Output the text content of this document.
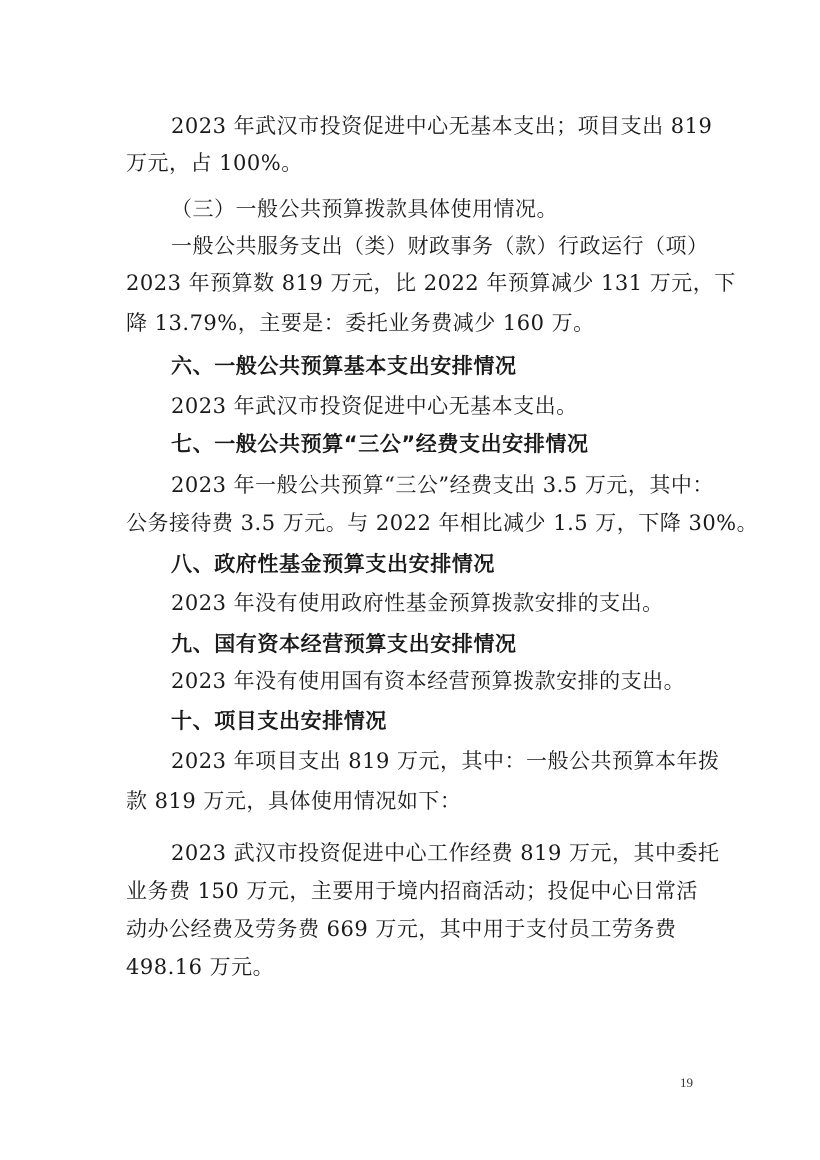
2023 年武汉市投资促进中心无基本支出；项目支出 819
万元，占 100%。
（三）一般公共预算拨款具体使用情况。
一般公共服务支出（类）财政事务（款）行政运行（项）
2023 年预算数 819 万元，比 2022 年预算减少 131 万元，下
降 13.79%，主要是：委托业务费减少 160 万。
六、一般公共预算基本支出安排情况
2023 年武汉市投资促进中心无基本支出。
七、一般公共预算“三公”经费支出安排情况
2023 年一般公共预算“三公”经费支出 3.5 万元，其中：
公务接待费 3.5 万元。与 2022 年相比减少 1.5 万，下降 30%。
八、政府性基金预算支出安排情况
2023 年没有使用政府性基金预算拨款安排的支出。
九、国有资本经营预算支出安排情况
2023 年没有使用国有资本经营预算拨款安排的支出。
十、项目支出安排情况
2023 年项目支出 819 万元，其中：一般公共预算本年拨
款 819 万元，具体使用情况如下：
2023 武汉市投资促进中心工作经费 819 万元，其中委托
业务费 150 万元，主要用于境内招商活动；投促中心日常活
动办公经费及劳务费 669 万元，其中用于支付员工劳务费
498.16 万元。
19
